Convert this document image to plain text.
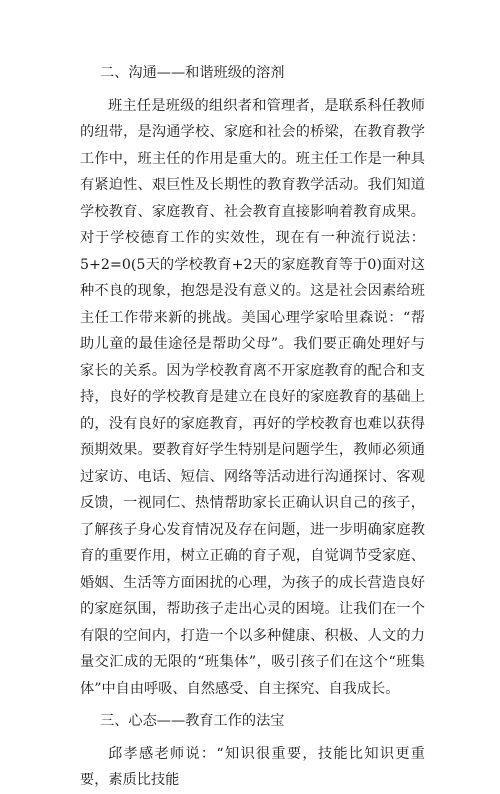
二、沟通——和谐班级的溶剂

班主任是班级的组织者和管理者，是联系科任教师的纽带，是沟通学校、家庭和社会的桥梁，在教育教学工作中，班主任的作用是重大的。班主任工作是一种具有紧迫性、艰巨性及长期性的教育教学活动。我们知道学校教育、家庭教育、社会教育直接影响着教育成果。对于学校德育工作的实效性，现在有一种流行说法：5+2=0(5天的学校教育+2天的家庭教育等于0)面对这种不良的现象，抱怨是没有意义的。这是社会因素给班主任工作带来新的挑战。美国心理学家哈里森说：“帮助儿童的最佳途径是帮助父母”。我们要正确处理好与家长的关系。因为学校教育离不开家庭教育的配合和支持，良好的学校教育是建立在良好的家庭教育的基础上的，没有良好的家庭教育，再好的学校教育也难以获得预期效果。要教育好学生特别是问题学生，教师必须通过家访、电话、短信、网络等活动进行沟通探讨、客观反馈，一视同仁、热情帮助家长正确认识自己的孩子，了解孩子身心发育情况及存在问题，进一步明确家庭教育的重要作用，树立正确的育子观，自觉调节受家庭、婚姻、生活等方面困扰的心理，为孩子的成长营造良好的家庭氛围，帮助孩子走出心灵的困境。让我们在一个有限的空间内，打造一个以多种健康、积极、人文的力量交汇成的无限的“班集体”，吸引孩子们在这个“班集体”中自由呼吸、自然感受、自主探究、自我成长。

三、心态——教育工作的法宝

邱孝感老师说：“知识很重要，技能比知识更重要，素质比技能
